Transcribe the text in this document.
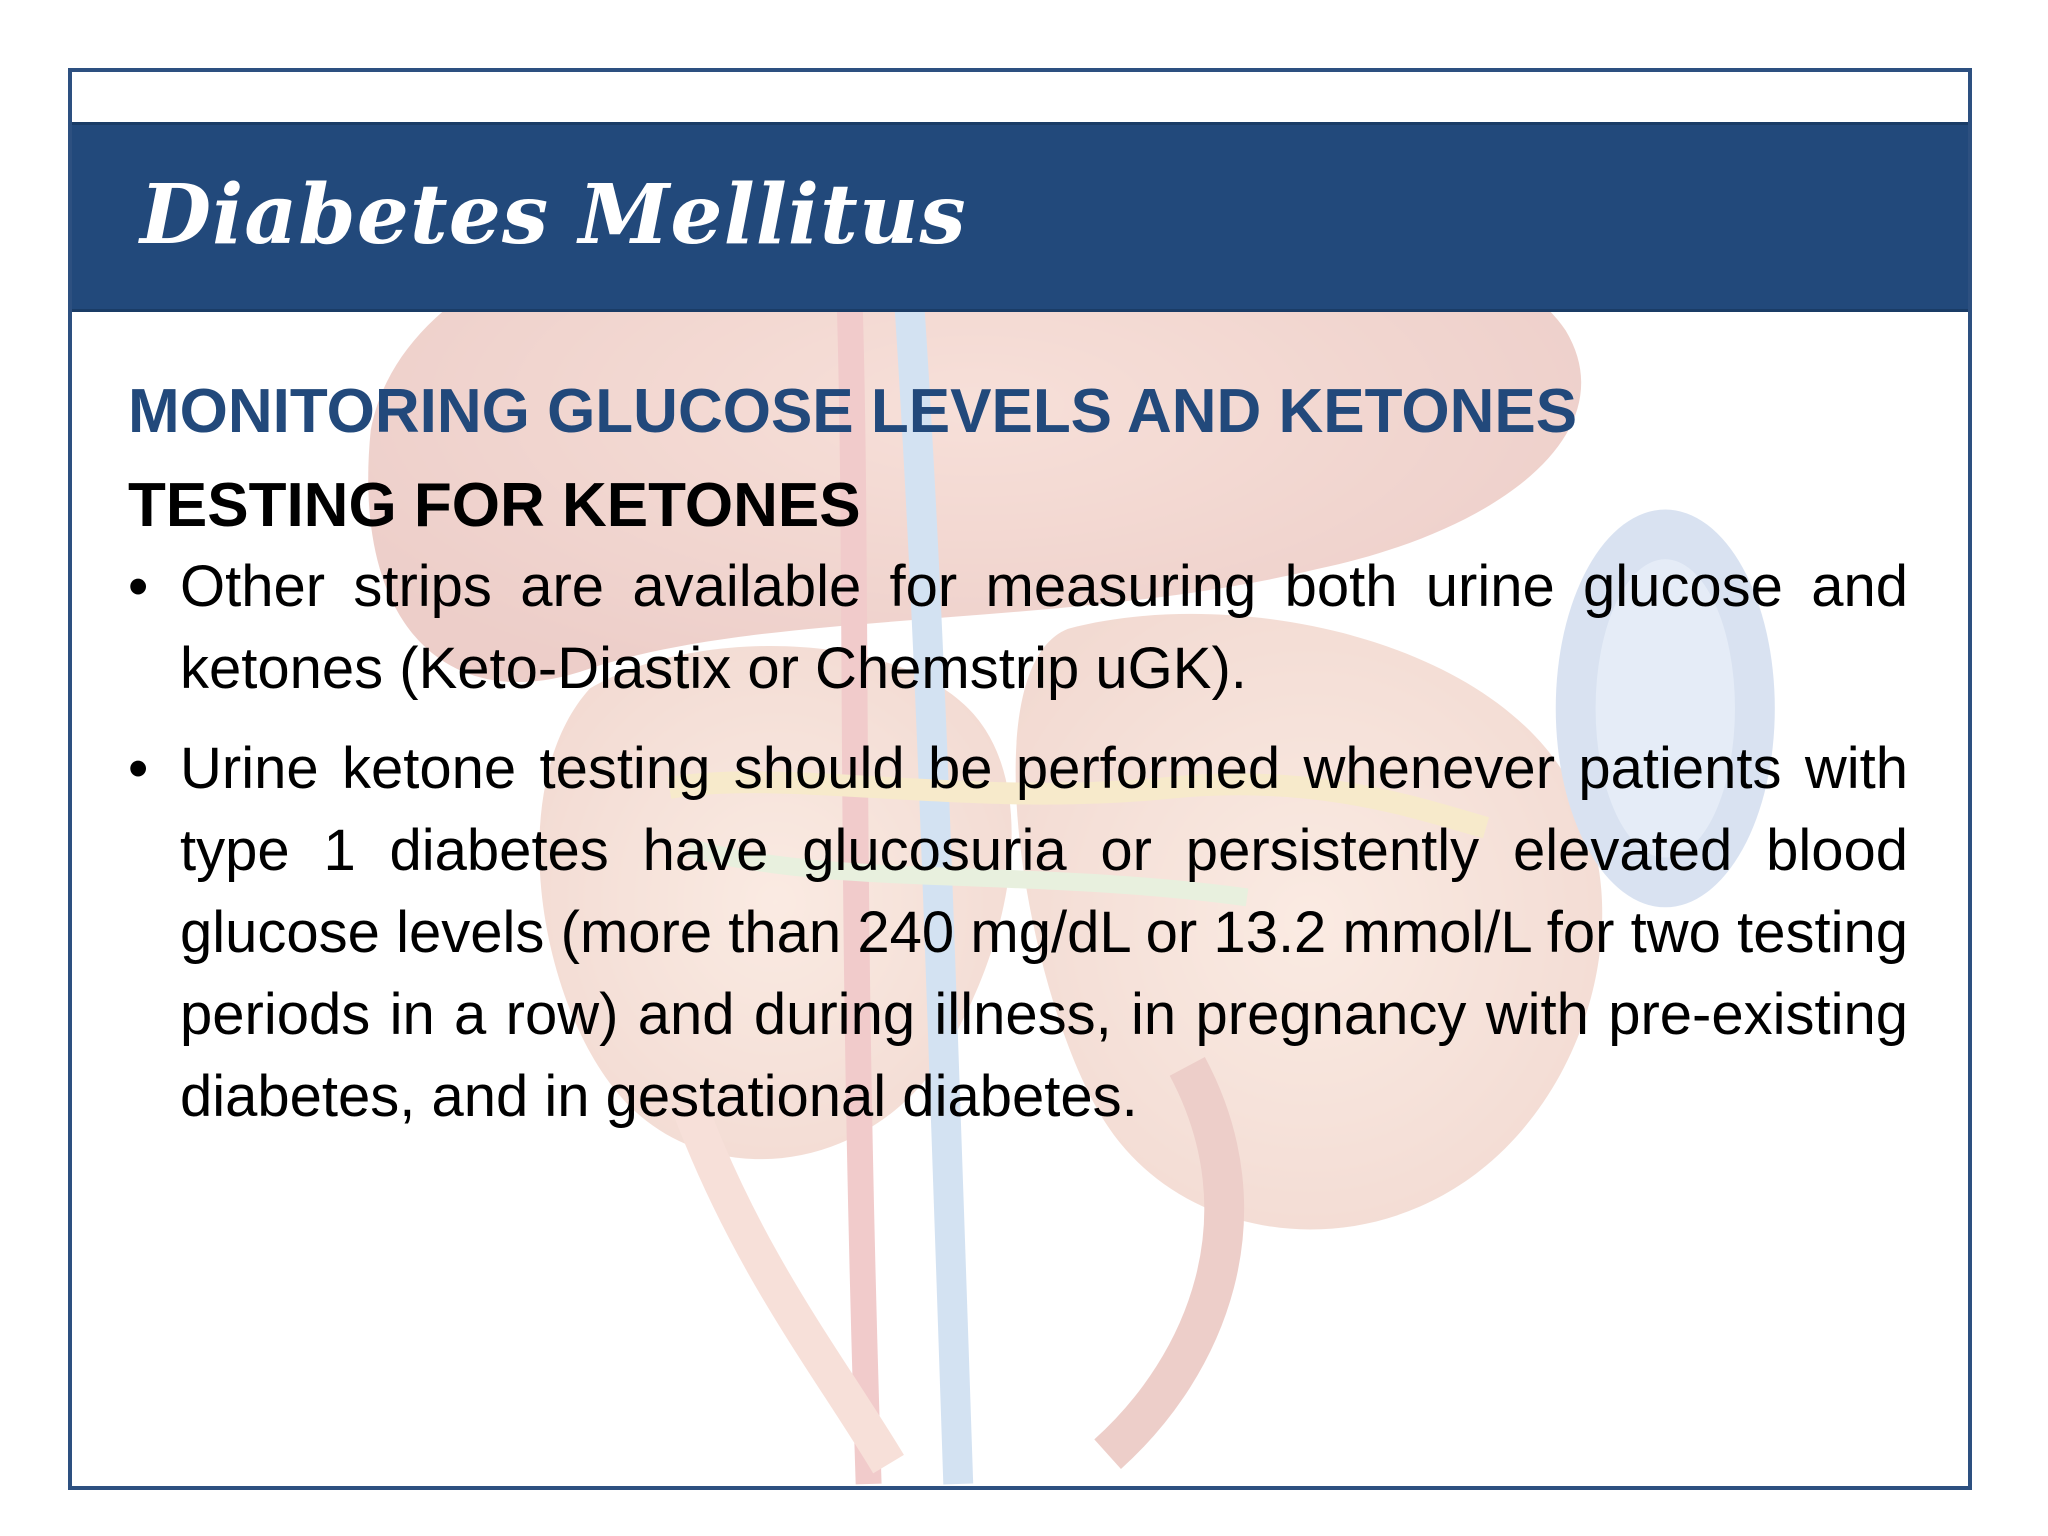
Diabetes Mellitus
MONITORING GLUCOSE LEVELS AND KETONES
TESTING FOR KETONES
• Other strips are available for measuring both urine glucose and ketones (Keto-Diastix or Chemstrip uGK).
• Urine ketone testing should be performed whenever patients with type 1 diabetes have glucosuria or persistently elevated blood glucose levels (more than 240 mg/dL or 13.2 mmol/L for two testing periods in a row) and during illness, in pregnancy with pre-existing diabetes, and in gestational diabetes.
